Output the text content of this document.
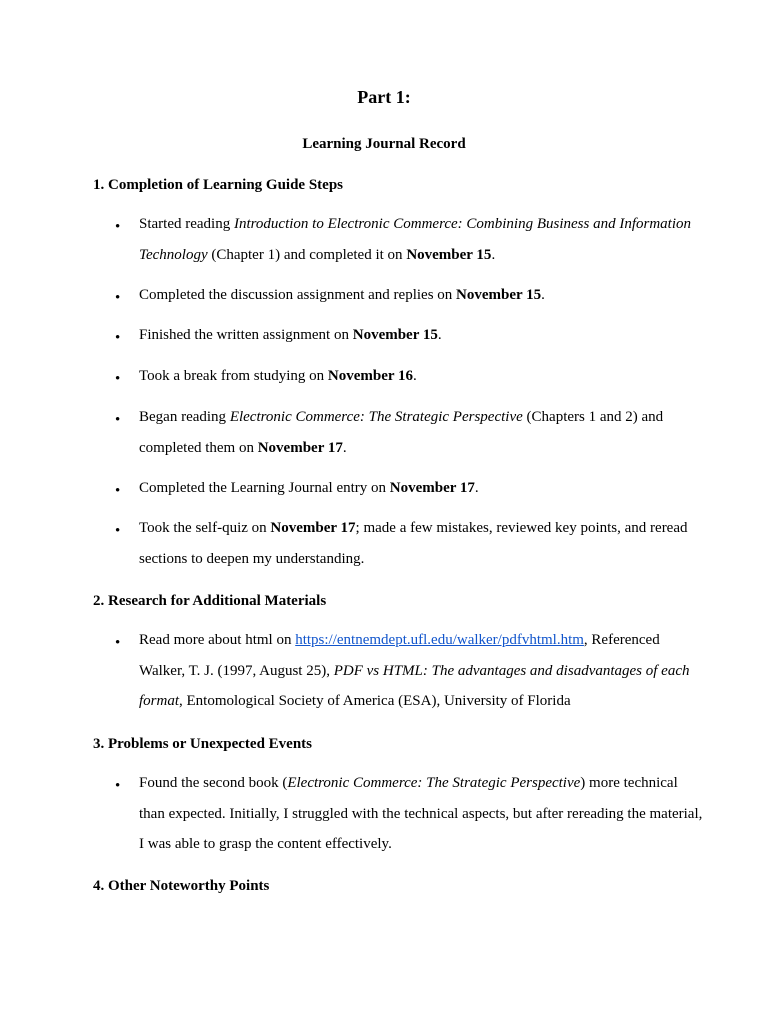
Part 1:
Learning Journal Record
1. Completion of Learning Guide Steps
• Started reading Introduction to Electronic Commerce: Combining Business and Information
Technology (Chapter 1) and completed it on November 15.

• Completed the discussion assignment and replies on November 15.

• Finished the written assignment on November 15.

• Took a break from studying on November 16.

• Began reading Electronic Commerce: The Strategic Perspective (Chapters 1 and 2) and
completed them on November 17.

• Completed the Learning Journal entry on November 17.

• Took the self-quiz on November 17; made a few mistakes, reviewed key points, and reread
sections to deepen my understanding.

2. Research for Additional Materials
• Read more about html on https://entnemdept.ufl.edu/walker/pdfvhtml.htm, Referenced
Walker, T. J. (1997, August 25), PDF vs HTML: The advantages and disadvantages of each
format, Entomological Society of America (ESA), University of Florida

3. Problems or Unexpected Events
• Found the second book (Electronic Commerce: The Strategic Perspective) more technical
than expected. Initially, I struggled with the technical aspects, but after rereading the material,
I was able to grasp the content effectively.

4. Other Noteworthy Points
